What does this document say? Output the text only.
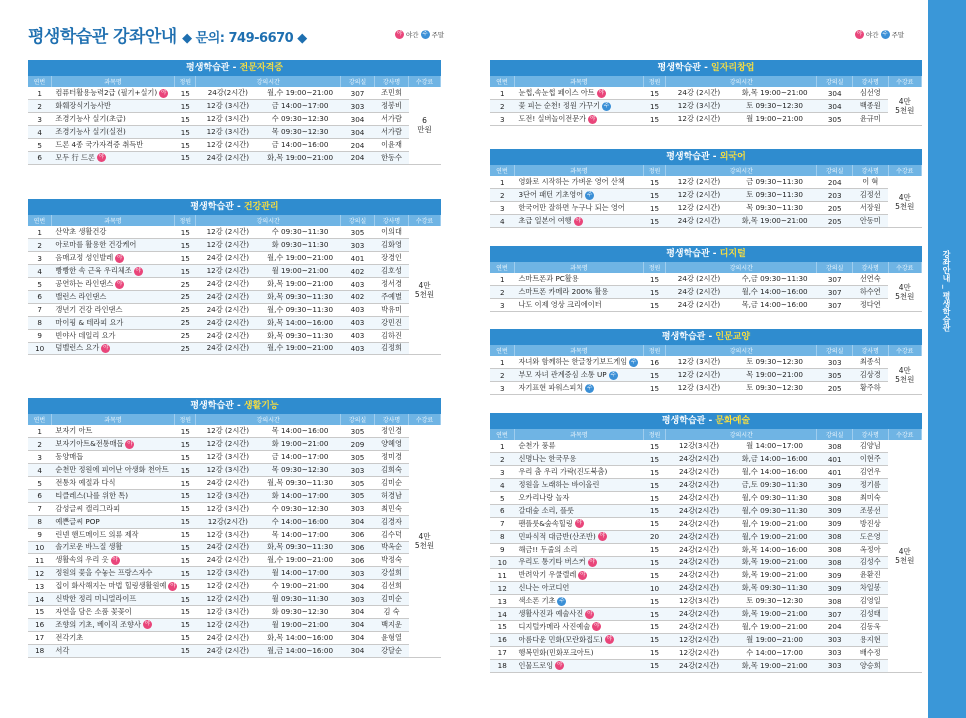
평생학습관 강좌안내 ◆ 문의: 749-6670 ◆	야 야간 주 주말	야 야간 주 주말
강좌안내 _ 평생학습관
평생학습관 - 전문자격증
연번	과목명	정원	강의시간		강의실	강사명	수강료
1	컴퓨터활용능력2급 (필기+실기) 야	15	24강(2시간)	월,수 19:00~21:00	307	조민희	6
만원
2	화훼장식기능사반	15	12강 (3시간)	금 14:00~17:00	303	정봉비	
3	조경기능사 실기(초급)	15	12강 (3시간)	수 09:30~12:30	304	서가람	
4	조경기능사 실기(실전)	15	12강 (3시간)	목 09:30~12:30	304	서가람	
5	드론 4종 국가자격증 취득반	15	12강 (2시간)	금 14:00~16:00	204	이윤재	
6	모두 行 드론 야	15	24강 (2시간)	화,목 19:00~21:00	204	한동수	
평생학습관 - 건강관리
연번	과목명	정원	강의시간		강의실	강사명	수강료
1	산약초 생활건강	15	12강 (2시간)	수 09:30~11:30	305	이의대	4만
5천원
2	아로마를 활용한 건강케어	15	12강 (2시간)	화 09:30~11:30	303	김화영	
3	음매교정 성인발레 야	15	24강 (2시간)	월,수 19:00~21:00	401	장경인	
4	빵빵한 속 근육 우리체조 야	15	12강 (2시간)	월 19:00~21:00	402	김호성	
5	공연하는 라인댄스 야	25	24강 (2시간)	화,목 19:00~21:00	403	정서경	
6	밸런스 라인댄스	25	24강 (2시간)	화,목 09:30~11:30	402	주예별	
7	갱년기 건강 라인댄스	25	24강 (2시간)	월,수 09:30~11:30	403	박유미	
8	마이핑 & 테라피 요가	25	24강 (2시간)	화,목 14:00~16:00	403	강민진	
9	빈야사 데일리 요가	25	24강 (2시간)	화,목 09:30~11:30	403	김하진	
10	덤벨런스 요가 야	25	24강 (2시간)	월,수 19:00~21:00	403	김정희	
평생학습관 - 생활기능
연번	과목명	정원	강의시간		강의실	강사명	수강료
1	보자기 아트	15	12강 (2시간)	목 14:00~16:00	305	정인경	4만
5천원
2	보자기아트&전통매듭 야	15	12강 (2시간)	화 19:00~21:00	209	양혜영	
3	동양매듭	15	12강 (3시간)	금 14:00~17:00	305	정미경	
4	순천만 정원에 피어난 아생화 천아트	15	12강 (3시간)	목 09:30~12:30	303	김희숙	
5	전통차 예절과 다식	15	24강 (2시간)	월,목 09:30~11:30	305	김미순	
6	티클레스(나를 위한 톡)	15	12강 (3시간)	화 14:00~17:00	305	허경남	
7	감성글씨 캘리그라피	15	12강 (3시간)	수 09:30~12:30	303	최민숙	
8	예쁜글씨 POP	15	12강(2시간)	수 14:00~16:00	304	김경자	
9	린넨 핸드메이드 의류 제작	15	12강 (3시간)	목 14:00~17:00	306	김수덕	
10	솔기로운 바느질 생활	15	24강 (2시간)	화,목 09:30~11:30	306	박옥순	
11	생활속의 우리 옷 야	15	24강 (2시간)	월,수 19:00~21:00	306	박정숙	
12	정원의 꽃을 수놓는 프랑스자수	15	12강 (3시간)	월 14:00~17:00	303	강설희	
13	집이 화사해지는 마법 힐링생활원예 야	15	12강 (2시간)	수 19:00~21:00	304	김선희	
14	신박한 정리 미니멀라이프	15	12강 (2시간)	월 09:30~11:30	303	김미순	
15	자연을 담은 소품 꽃꽂이	15	12강 (3시간)	화 09:30~12:30	304	김 숙	
16	조향의 기초, 베이직 조향사 야	15	12강 (2시간)	월 19:00~21:00	304	백지운	
17	전각기초	15	24강 (2시간)	화,목 14:00~16:00	304	윤형열	
18	서각	15	24강 (2시간)	월,금 14:00~16:00	304	강달순	
평생학습관 - 일자리창업
연번	과목명	정원	강의시간		강의실	강사명	수강료
1	눈썹,속눈썹 페이스 아트 야	15	24강 (2시간)	화,목 19:00~21:00	304	심선영	4만
5천원
2	꽃 피는 순천! 정원 가꾸기 주	15	12강 (3시간)	토 09:30~12:30	304	백종원	
3	도전! 실버놀이전문가 야	15	12강 (2시간)	월 19:00~21:00	305	윤규미	
평생학습관 - 외국어
연번	과목명	정원	강의시간		강의실	강사명	수강료
1	영화로 시작하는 가벼운 영어 산책	15	12강 (2시간)	금 09:30~11:30	204	이 혁	4만
5천원
2	3단어 패턴 기초영어 주	15	12강 (2시간)	토 09:30~11:30	203	김정선	
3	한국어만 잘하면 누구나 되는 영어	15	12강 (2시간)	목 09:30~11:30	205	서장원	
4	초급 일본어 여행 야	15	24강 (2시간)	화,목 19:00~21:00	205	안동미	
평생학습관 - 디지털
연번	과목명	정원	강의시간		강의실	강사명	수강료
1	스마트폰과 PC활용	15	24강 (2시간)	수,금 09:30~11:30	307	선연숙	4만
5천원
2	스마트폰 카메라 200% 활용	15	24강 (2시간)	월,수 14:00~16:00	307	하수연	
3	나도 이제 영상 크리에이터	15	24강 (2시간)	목,금 14:00~16:00	307	정다연	
평생학습관 - 인문교양
연번	과목명	정원	강의시간		강의실	강사명	수강료
1	자녀와 함께하는 한글창기보드게임 주	16	12강 (3시간)	토 09:30~12:30	303	최종석	4만
5천원
2	부모 자녀 관계증심 소통 UP 주	15	12강 (2시간)	목 19:00~21:00	305	김상경	
3	자기표현 파워스피치 주	15	12강 (3시간)	토 09:30~12:30	205	황주하	
평생학습관 - 문화예술
연번	과목명	정원	강의시간		강의실	강사명	수강료
1	순천가 풍류	15	12강(3시간)	월 14:00~17:00	308	김양님	4만
5천원
2	신명나는 한국무용	15	24강(2시간)	화,금 14:00~16:00	401	이현주	
3	우리 춤 우리 가락(진도북춤)	15	24강(2시간)	월,수 14:00~16:00	401	김연우	
4	정원을 노래하는 바이올린	15	24강(2시간)	금,토 09:30~11:30	309	정기름	
5	오카리나랑 놀자	15	24강(2시간)	월,수 09:30~11:30	308	최미숙	
6	갈대숲 소리, 플룻	15	24강(2시간)	월,수 09:30~11:30	309	조봉선	
7	팬플룻&숲속힐링 야	15	24강(2시간)	월,수 19:00~21:00	309	방진상	
8	민파식적 대금반(산조반) 야	20	24강(2시간)	월,수 19:00~21:00	308	도은영	
9	해금!! 두줄의 소리	15	24강(2시간)	화,목 14:00~16:00	308	옥정아	
10	우리도 통기타 버스커 야	15	24강(2시간)	화,목 19:00~21:00	308	김성수	
11	반려악기 우쿨렐레 야	15	24강(2시간)	화,목 19:00~21:00	309	윤환진	
12	신나는 아코디언	10	24강(2시간)	화,목 09:30~11:30	309	차일봉	
13	색소폰 기초 주	15	12강(3시간)	토 09:30~12:30	308	김영일	
14	생활사진과 예술사진 야	15	24강(2시간)	화,목 19:00~21:00	307	김성태	
15	디지털카메라 사진예술 야	15	24강(2시간)	월,수 19:00~21:00	204	김동욱	
16	아름다운 민화(모란화접도) 야	15	12강(2시간)	월 19:00~21:00	303	용지현	
17	행복민화(민화포크아트)	15	12강(2시간)	수 14:00~17:00	303	배수정	
18	인물드로잉 야	15	24강(2시간)	화,목 19:00~21:00	303	양승희	
